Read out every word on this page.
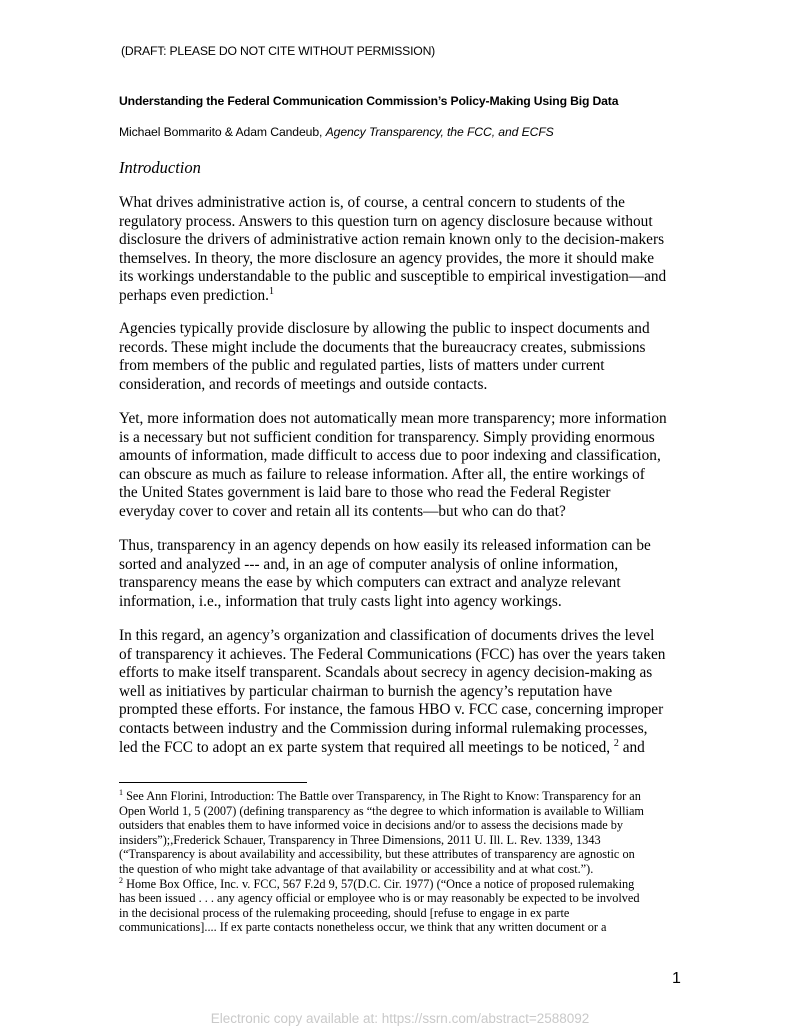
(DRAFT: PLEASE DO NOT CITE WITHOUT PERMISSION)
Understanding the Federal Communication Commission’s Policy-Making Using Big Data
Michael Bommarito & Adam Candeub, Agency Transparency, the FCC, and ECFS
Introduction
What drives administrative action is, of course, a central concern to students of the
regulatory process. Answers to this question turn on agency disclosure because without
disclosure the drivers of administrative action remain known only to the decision-makers
themselves. In theory, the more disclosure an agency provides, the more it should make
its workings understandable to the public and susceptible to empirical investigation—and
perhaps even prediction.$^1$
Agencies typically provide disclosure by allowing the public to inspect documents and
records. These might include the documents that the bureaucracy creates, submissions
from members of the public and regulated parties, lists of matters under current
consideration, and records of meetings and outside contacts.
Yet, more information does not automatically mean more transparency; more information
is a necessary but not sufficient condition for transparency. Simply providing enormous
amounts of information, made difficult to access due to poor indexing and classification,
can obscure as much as failure to release information. After all, the entire workings of
the United States government is laid bare to those who read the Federal Register
everyday cover to cover and retain all its contents—but who can do that?
Thus, transparency in an agency depends on how easily its released information can be
sorted and analyzed --- and, in an age of computer analysis of online information,
transparency means the ease by which computers can extract and analyze relevant
information, i.e., information that truly casts light into agency workings.
In this regard, an agency’s organization and classification of documents drives the level
of transparency it achieves. The Federal Communications (FCC) has over the years taken
efforts to make itself transparent. Scandals about secrecy in agency decision-making as
well as initiatives by particular chairman to burnish the agency’s reputation have
prompted these efforts. For instance, the famous HBO v. FCC case, concerning improper
contacts between industry and the Commission during informal rulemaking processes,
led the FCC to adopt an ex parte system that required all meetings to be noticed, $^2$ and
$^1$ See Ann Florini, Introduction: The Battle over Transparency, in The Right to Know: Transparency for an
Open World 1, 5 (2007) (defining transparency as “the degree to which information is available to William
outsiders that enables them to have informed voice in decisions and/or to assess the decisions made by
insiders”);,Frederick Schauer, Transparency in Three Dimensions, 2011 U. Ill. L. Rev. 1339, 1343
(“Transparency is about availability and accessibility, but these attributes of transparency are agnostic on
the question of who might take advantage of that availability or accessibility and at what cost.”).
$^2$ Home Box Office, Inc. v. FCC, 567 F.2d 9, 57(D.C. Cir. 1977) (“Once a notice of proposed rulemaking
has been issued . . . any agency official or employee who is or may reasonably be expected to be involved
in the decisional process of the rulemaking proceeding, should [refuse to engage in ex parte
communications].... If ex parte contacts nonetheless occur, we think that any written document or a
1
Electronic copy available at: https://ssrn.com/abstract=2588092
